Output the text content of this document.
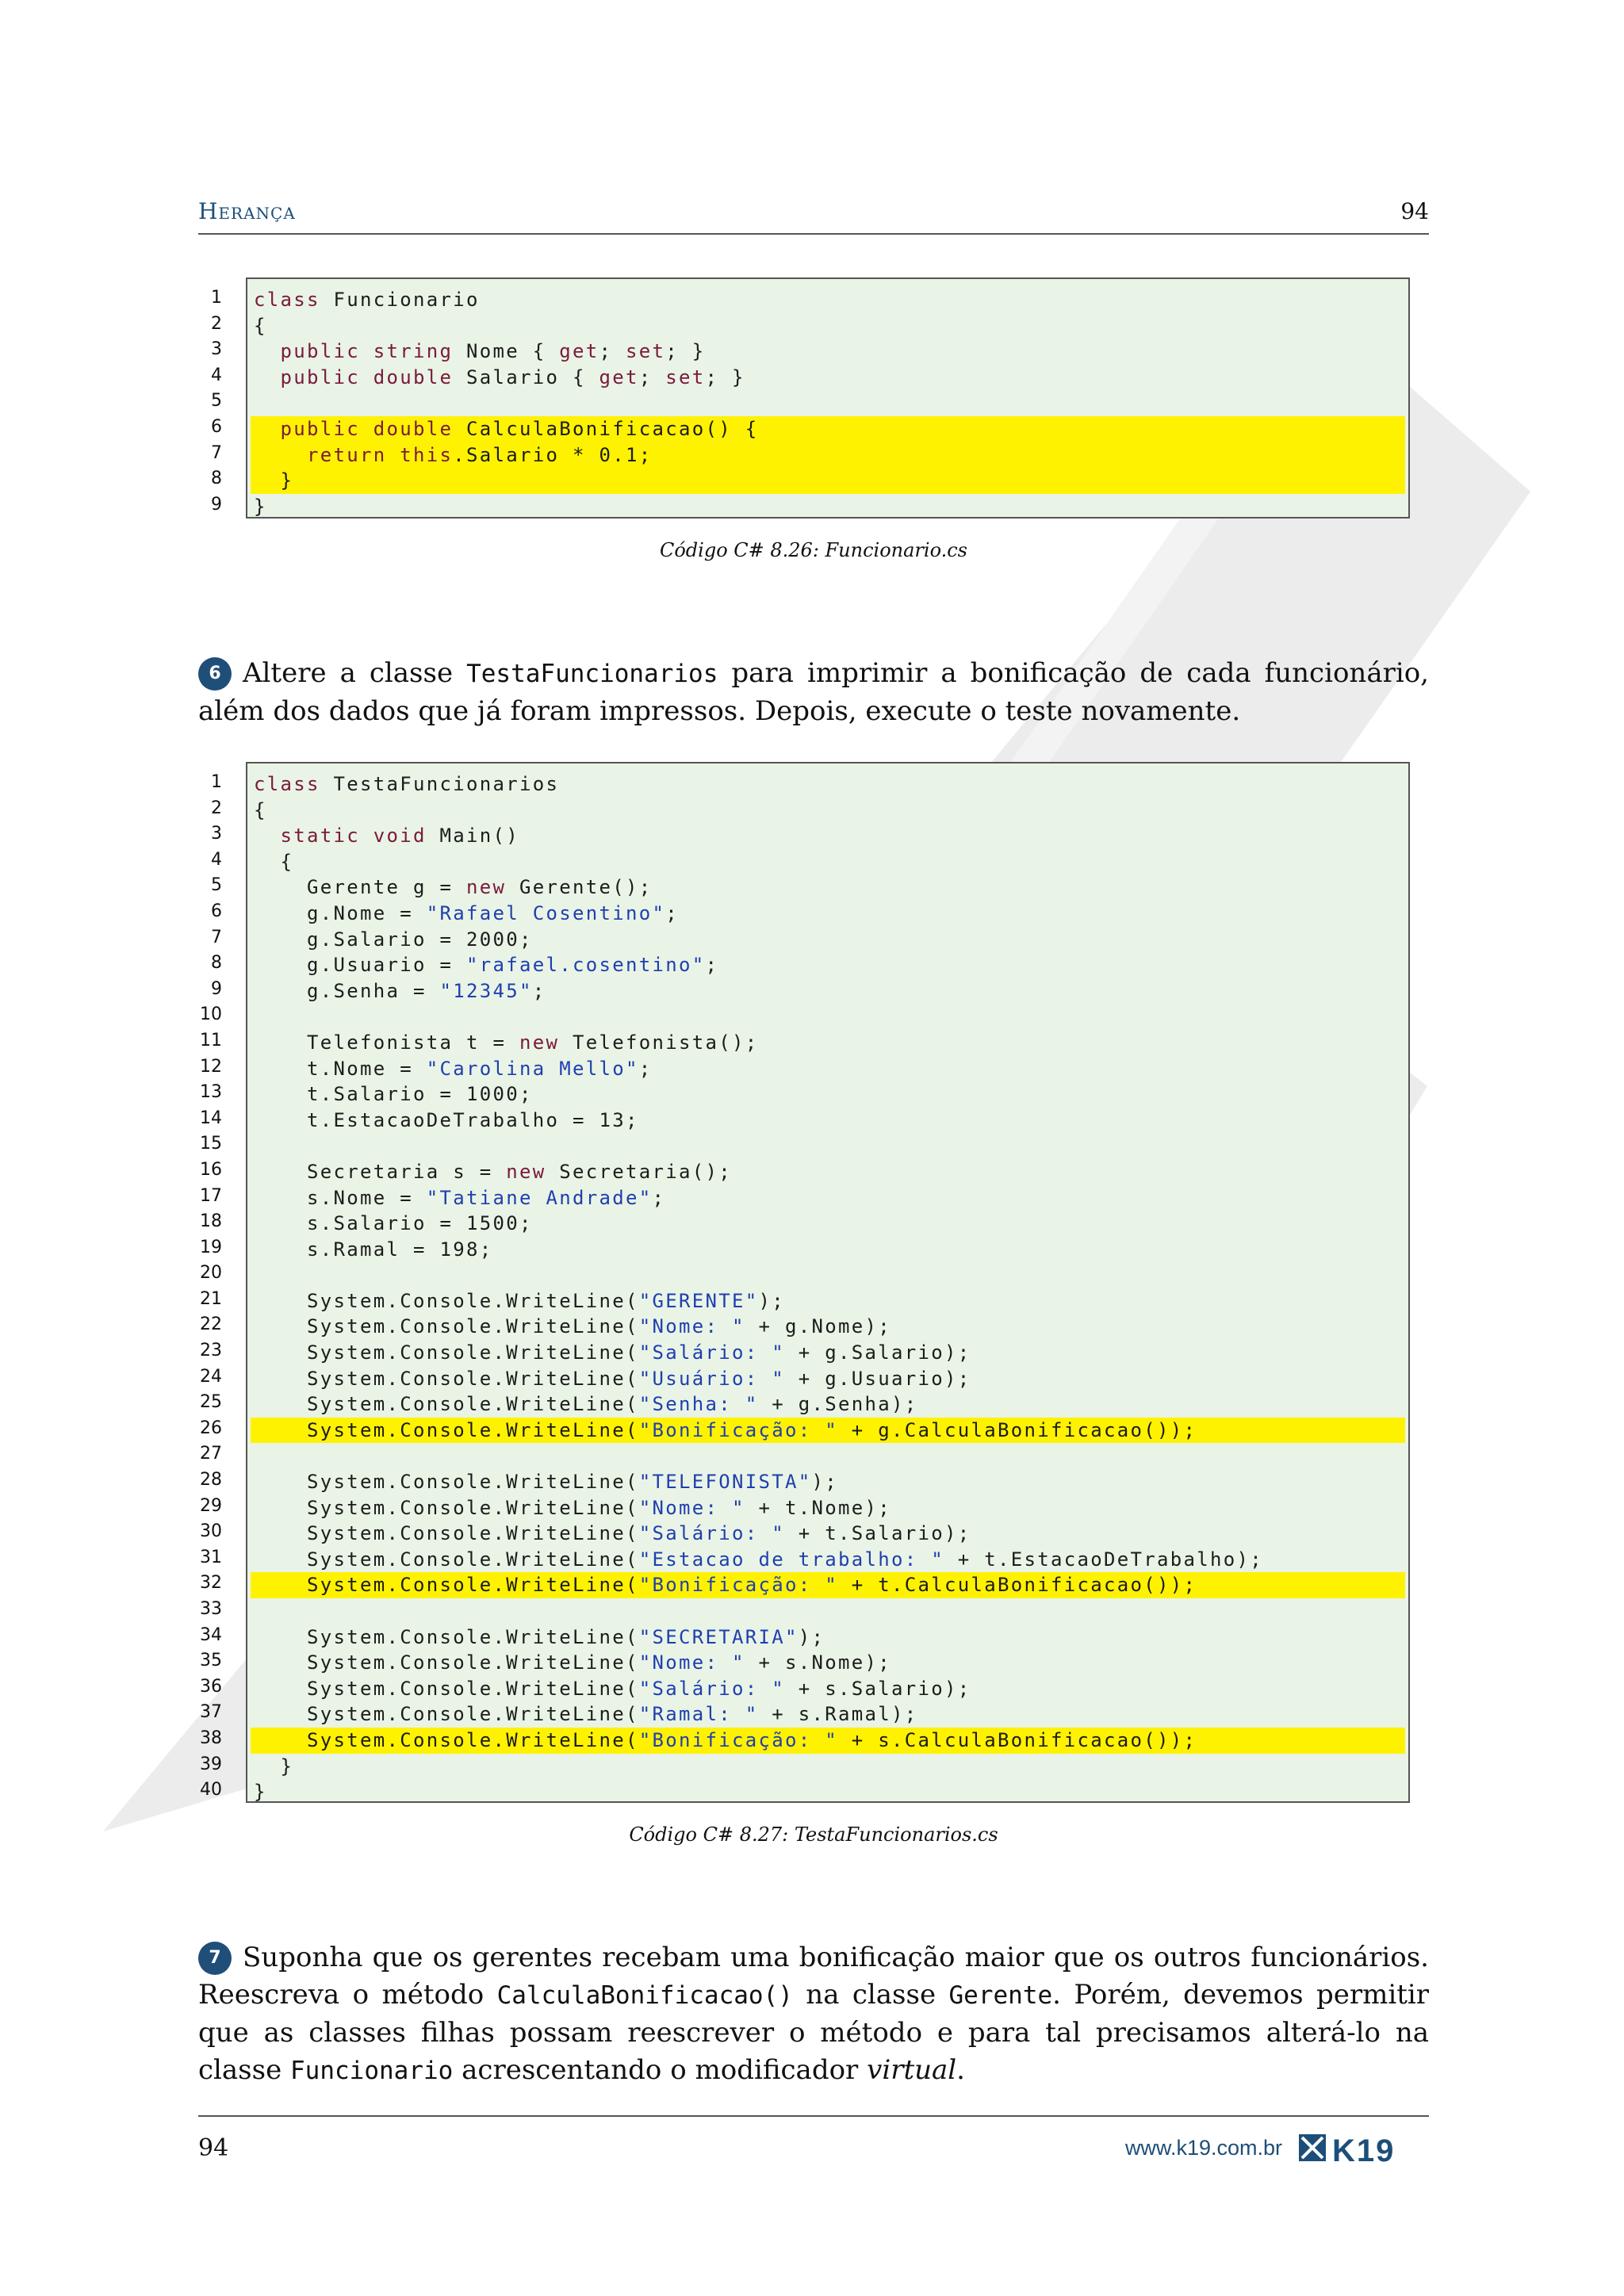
Herança	94
1
2
3
4
5
6
7
8
9
class Funcionario
{
public string Nome { get; set; }
public double Salario { get; set; }
public double CalculaBonificacao() {
return this.Salario * 0.1;
}
}
Código C# 8.26: Funcionario.cs
6 Altere a classe TestaFuncionarios para imprimir a bonificação de cada funcionário, além dos dados que já foram impressos. Depois, execute o teste novamente.
1
2
3
4
5
6
7
8
9
10
11
12
13
14
15
16
17
18
19
20
21
22
23
24
25
26
27
28
29
30
31
32
33
34
35
36
37
38
39
40
class TestaFuncionarios
{
static void Main()
{
Gerente g = new Gerente();
g.Nome = "Rafael Cosentino";
g.Salario = 2000;
g.Usuario = "rafael.cosentino";
g.Senha = "12345";
Telefonista t = new Telefonista();
t.Nome = "Carolina Mello";
t.Salario = 1000;
t.EstacaoDeTrabalho = 13;
Secretaria s = new Secretaria();
s.Nome = "Tatiane Andrade";
s.Salario = 1500;
s.Ramal = 198;
System.Console.WriteLine("GERENTE");
System.Console.WriteLine("Nome: " + g.Nome);
System.Console.WriteLine("Salário: " + g.Salario);
System.Console.WriteLine("Usuário: " + g.Usuario);
System.Console.WriteLine("Senha: " + g.Senha);
System.Console.WriteLine("Bonificação: " + g.CalculaBonificacao());
System.Console.WriteLine("TELEFONISTA");
System.Console.WriteLine("Nome: " + t.Nome);
System.Console.WriteLine("Salário: " + t.Salario);
System.Console.WriteLine("Estacao de trabalho: " + t.EstacaoDeTrabalho);
System.Console.WriteLine("Bonificação: " + t.CalculaBonificacao());
System.Console.WriteLine("SECRETARIA");
System.Console.WriteLine("Nome: " + s.Nome);
System.Console.WriteLine("Salário: " + s.Salario);
System.Console.WriteLine("Ramal: " + s.Ramal);
System.Console.WriteLine("Bonificação: " + s.CalculaBonificacao());
}
}
Código C# 8.27: TestaFuncionarios.cs
7 Suponha que os gerentes recebam uma bonificação maior que os outros funcionários. Reescreva o método CalculaBonificacao() na classe Gerente. Porém, devemos permitir que as classes filhas possam reescrever o método e para tal precisamos alterá-lo na classe Funcionario acrescentando o modificador virtual.
94	www.k19.com.br K19
